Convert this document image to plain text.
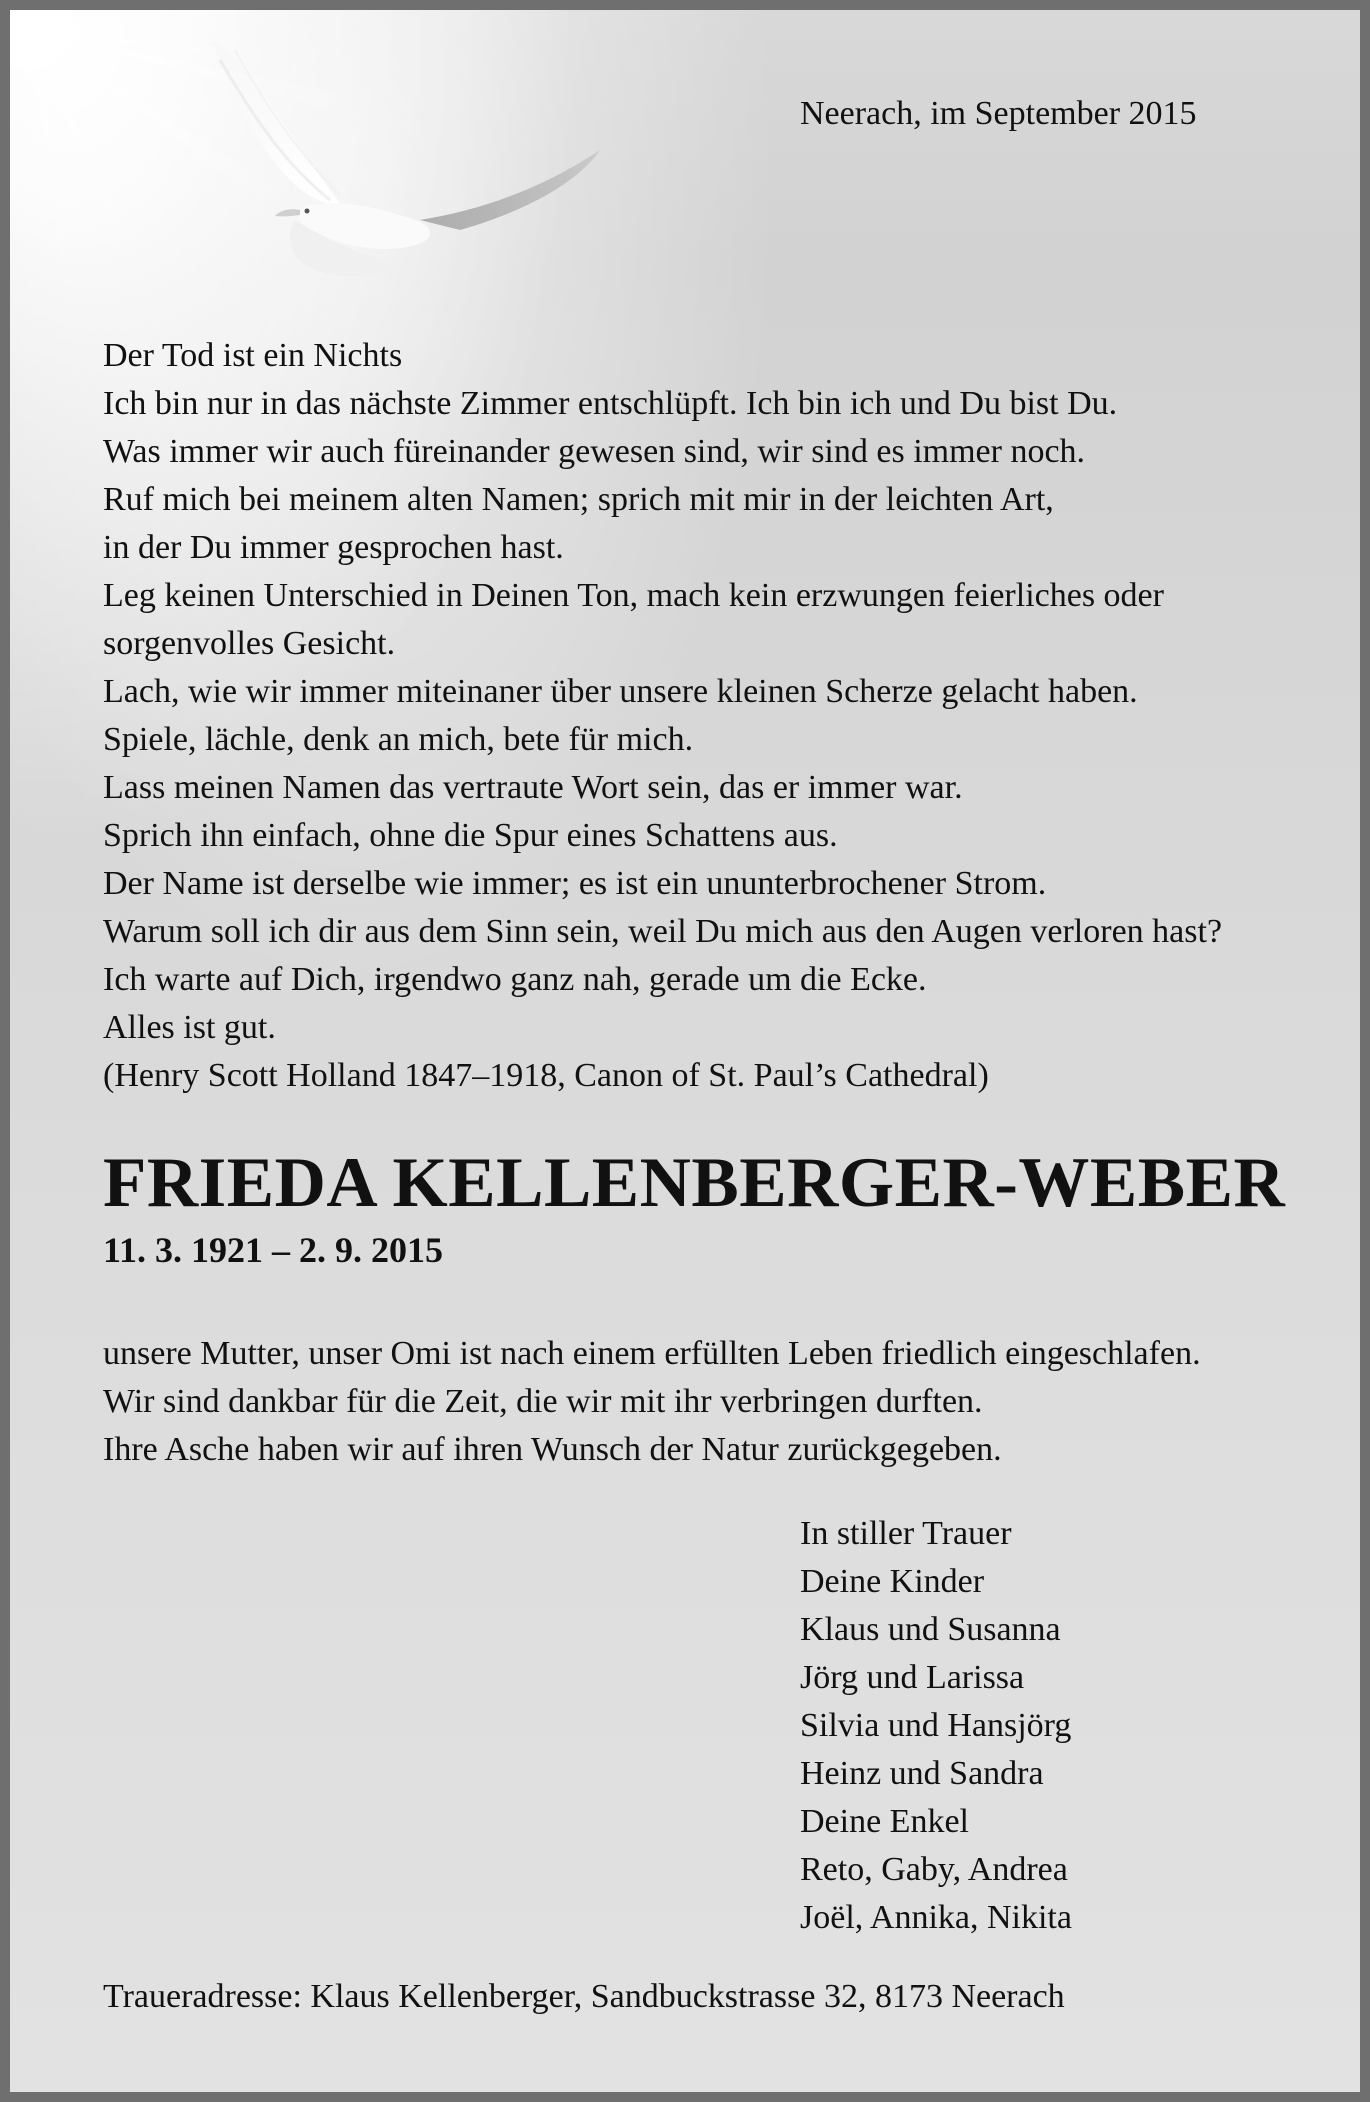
Neerach, im September 2015
Der Tod ist ein Nichts
Ich bin nur in das nächste Zimmer entschlüpft. Ich bin ich und Du bist Du.
Was immer wir auch füreinander gewesen sind, wir sind es immer noch.
Ruf mich bei meinem alten Namen; sprich mit mir in der leichten Art,
in der Du immer gesprochen hast.
Leg keinen Unterschied in Deinen Ton, mach kein erzwungen feierliches oder
sorgenvolles Gesicht.
Lach, wie wir immer miteinaner über unsere kleinen Scherze gelacht haben.
Spiele, lächle, denk an mich, bete für mich.
Lass meinen Namen das vertraute Wort sein, das er immer war.
Sprich ihn einfach, ohne die Spur eines Schattens aus.
Der Name ist derselbe wie immer; es ist ein ununterbrochener Strom.
Warum soll ich dir aus dem Sinn sein, weil Du mich aus den Augen verloren hast?
Ich warte auf Dich, irgendwo ganz nah, gerade um die Ecke.
Alles ist gut.
(Henry Scott Holland 1847–1918, Canon of St. Paul’s Cathedral)
FRIEDA KELLENBERGER-WEBER
11. 3. 1921 – 2. 9. 2015
unsere Mutter, unser Omi ist nach einem erfüllten Leben friedlich eingeschlafen.
Wir sind dankbar für die Zeit, die wir mit ihr verbringen durften.
Ihre Asche haben wir auf ihren Wunsch der Natur zurückgegeben.
In stiller Trauer
Deine Kinder
Klaus und Susanna
Jörg und Larissa
Silvia und Hansjörg
Heinz und Sandra
Deine Enkel
Reto, Gaby, Andrea
Joël, Annika, Nikita
Traueradresse: Klaus Kellenberger, Sandbuckstrasse 32, 8173 Neerach
